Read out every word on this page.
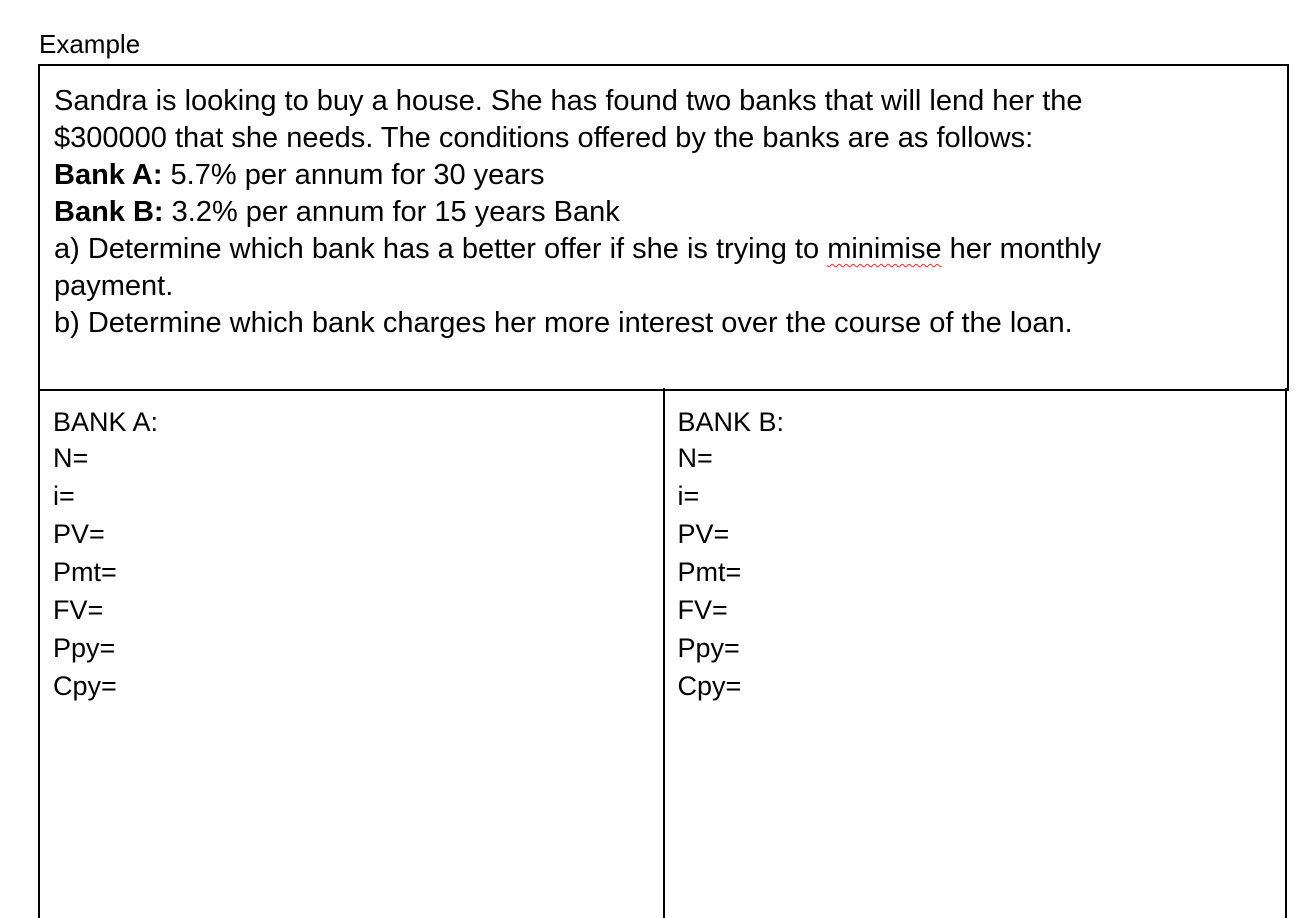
Example
Sandra is looking to buy a house. She has found two banks that will lend her the
$300000 that she needs. The conditions offered by the banks are as follows:
Bank A: 5.7% per annum for 30 years
Bank B: 3.2% per annum for 15 years Bank
a) Determine which bank has a better offer if she is trying to minimise her monthly
payment.
b) Determine which bank charges her more interest over the course of the loan.
BANK A:
N=
i=
PV=
Pmt=
FV=
Ppy=
Cpy=
BANK B:
N=
i=
PV=
Pmt=
FV=
Ppy=
Cpy=
